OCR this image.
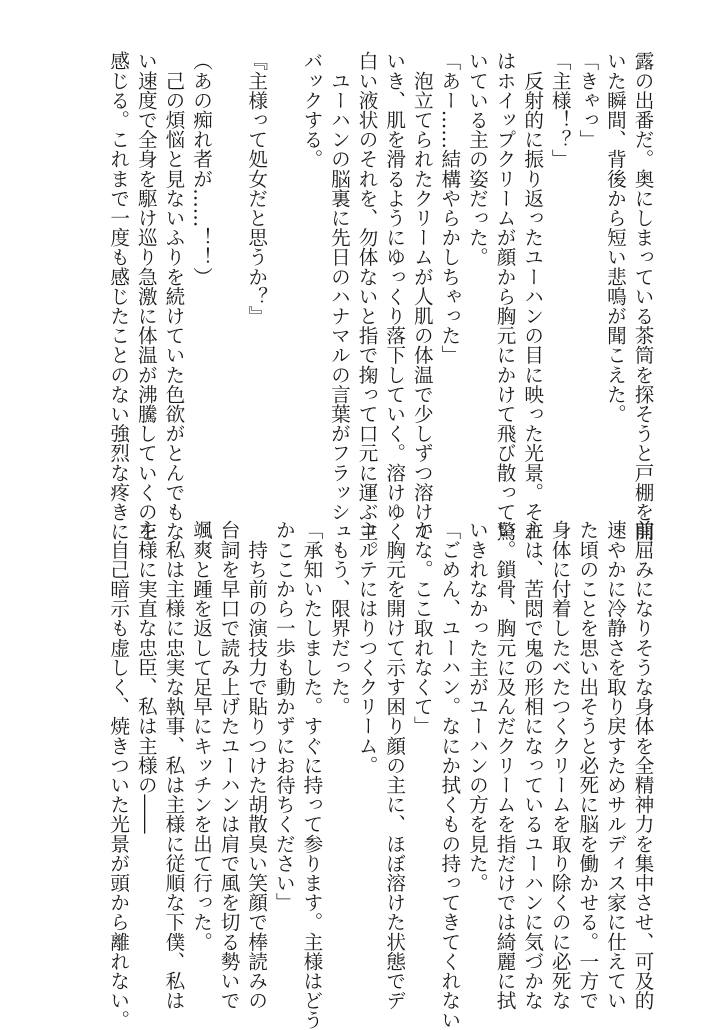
露の出番だ。奥にしまっている茶筒を探そうと戸棚を開
いた瞬間、背後から短い悲鳴が聞こえた。
「きゃっ」
「主様！？」
　反射的に振り返ったユーハンの目に映った光景。それ
はホイップクリームが顔から胸元にかけて飛び散って驚
いている主の姿だった。
「あー……結構やらかしちゃった」
　泡立てられたクリームが人肌の体温で少しずつ溶けて
いき、肌を滑るようにゆっくり落下していく。溶けゆく
白い液状のそれを、勿体ないと指で掬って口元に運ぶ主。
　ユーハンの脳裏に先日のハナマルの言葉がフラッシュ
バックする。

『主様って処女だと思うか？』

（あの痴れ者が……！！）
　己の煩悩と見ないふりを続けていた色欲がとんでもな
い速度で全身を駆け巡り急激に体温が沸騰していくのを
感じる。これまで一度も感じたことのない強烈な疼きに
前屈みになりそうな身体を全精神力を集中させ、可及的
速やかに冷静さを取り戻すためサルディス家に仕えてい
た頃のことを思い出そうと必死に脳を働かせる。一方で
身体に付着したべたつくクリームを取り除くのに必死な
主は、苦悶で鬼の形相になっているユーハンに気づかな
い。鎖骨、胸元に及んだクリームを指だけでは綺麗に拭
いきれなかった主がユーハンの方を見た。
「ごめん、ユーハン。なにか拭くもの持ってきてくれない
かな。ここ取れなくて」
　胸元を開けて示す困り顔の主に、ほぼ溶けた状態でデ
コルテにはりつくクリーム。
　もう、限界だった。
「承知いたしました。すぐに持って参ります。主様はどう
かここから一歩も動かずにお待ちください」
　持ち前の演技力で貼りつけた胡散臭い笑顔で棒読みの
台詞を早口で読み上げたユーハンは肩で風を切る勢いで
颯爽と踵を返して足早にキッチンを出て行った。
　私は主様に忠実な執事、私は主様に従順な下僕、私は
主様に実直な忠臣、私は主様の――
　自己暗示も虚しく、焼きついた光景が頭から離れない。
